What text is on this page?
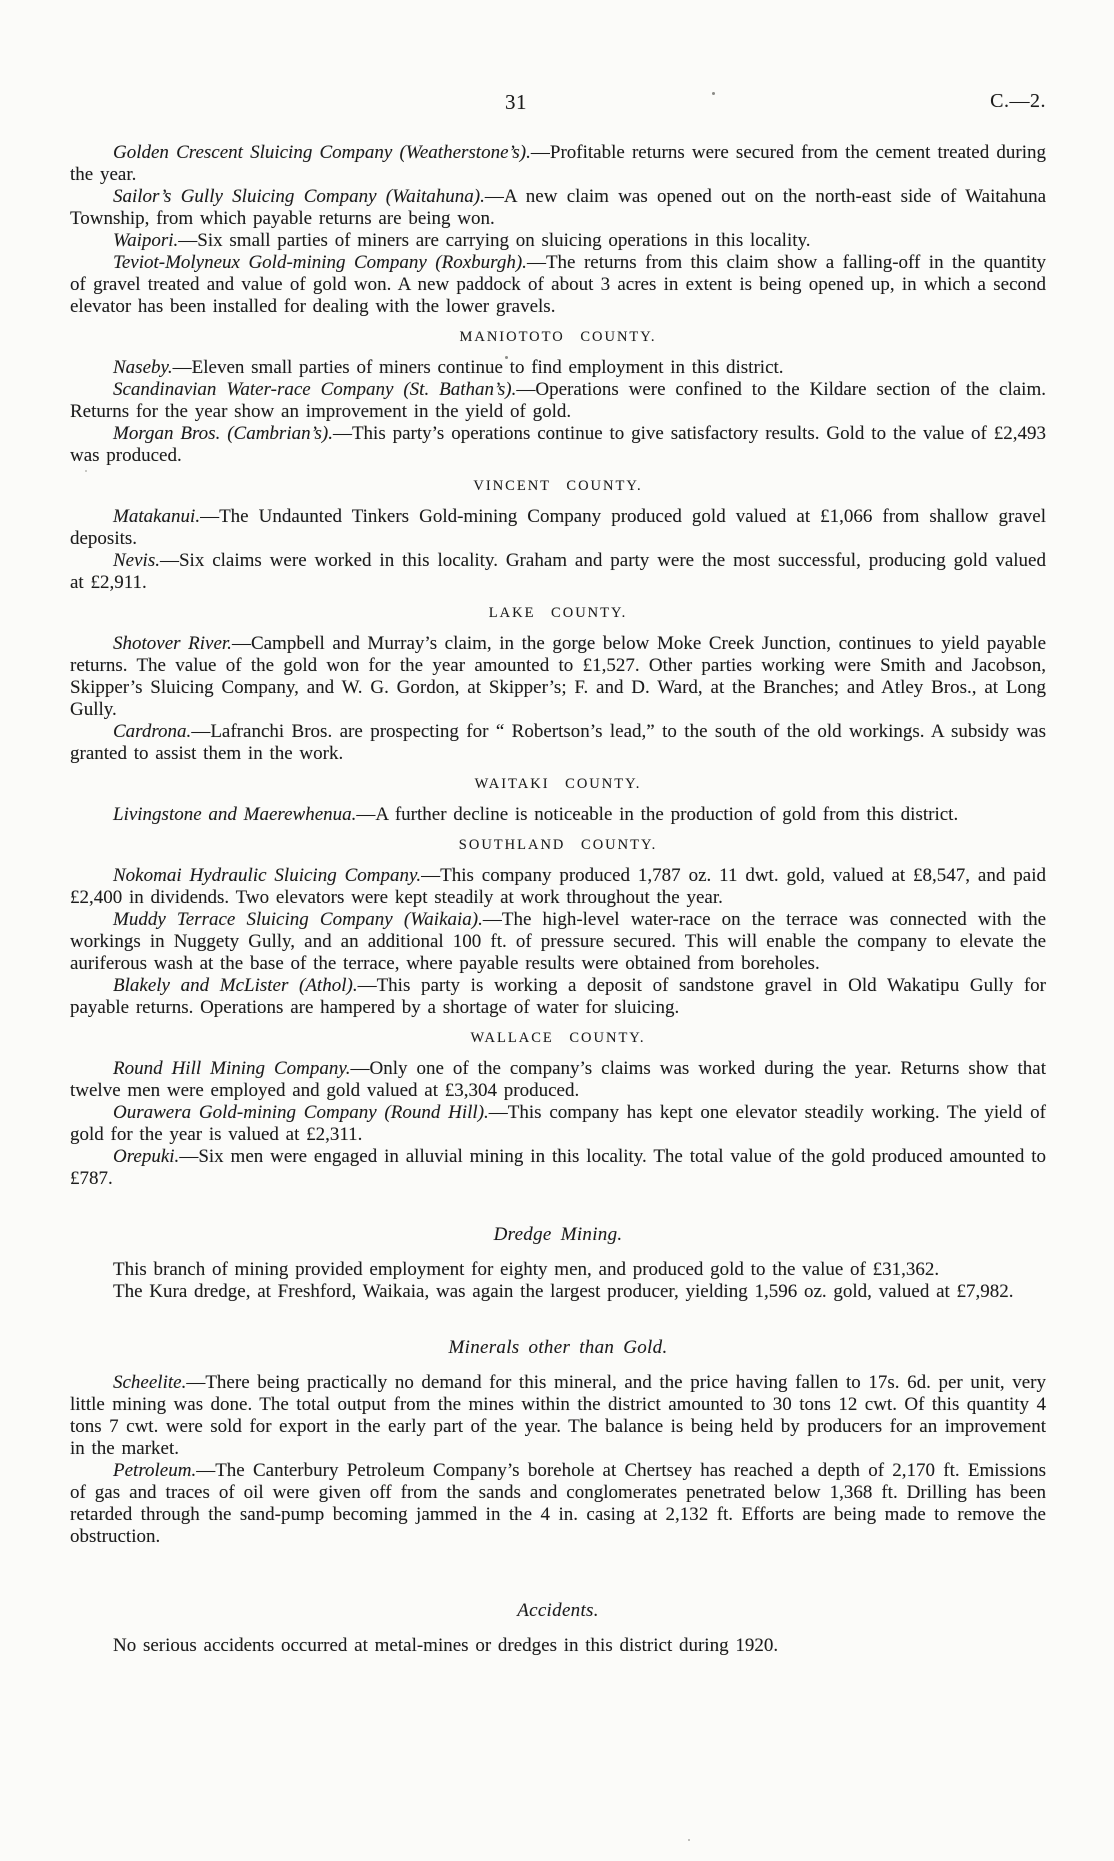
31	C.—2.

Golden Crescent Sluicing Company (Weatherstone’s).—Profitable returns were secured from the cement treated during the year.

Sailor’s Gully Sluicing Company (Waitahuna).—A new claim was opened out on the north-east side of Waitahuna Township, from which payable returns are being won.

Waipori.—Six small parties of miners are carrying on sluicing operations in this locality.

Teviot-Molyneux Gold-mining Company (Roxburgh).—The returns from this claim show a falling-off in the quantity of gravel treated and value of gold won. A new paddock of about 3 acres in extent is being opened up, in which a second elevator has been installed for dealing with the lower gravels.

MANIOTOTO COUNTY.

Naseby.—Eleven small parties of miners continue to find employment in this district.

Scandinavian Water-race Company (St. Bathan’s).—Operations were confined to the Kildare section of the claim. Returns for the year show an improvement in the yield of gold.

Morgan Bros. (Cambrian’s).—This party’s operations continue to give satisfactory results. Gold to the value of £2,493 was produced.

VINCENT COUNTY.

Matakanui.—The Undaunted Tinkers Gold-mining Company produced gold valued at £1,066 from shallow gravel deposits.

Nevis.—Six claims were worked in this locality. Graham and party were the most successful, producing gold valued at £2,911.

LAKE COUNTY.

Shotover River.—Campbell and Murray’s claim, in the gorge below Moke Creek Junction, continues to yield payable returns. The value of the gold won for the year amounted to £1,527. Other parties working were Smith and Jacobson, Skipper’s Sluicing Company, and W. G. Gordon, at Skipper’s; F. and D. Ward, at the Branches; and Atley Bros., at Long Gully.

Cardrona.—Lafranchi Bros. are prospecting for “ Robertson’s lead,” to the south of the old workings. A subsidy was granted to assist them in the work.

WAITAKI COUNTY.

Livingstone and Maerewhenua.—A further decline is noticeable in the production of gold from this district.

SOUTHLAND COUNTY.

Nokomai Hydraulic Sluicing Company.—This company produced 1,787 oz. 11 dwt. gold, valued at £8,547, and paid £2,400 in dividends. Two elevators were kept steadily at work throughout the year.

Muddy Terrace Sluicing Company (Waikaia).—The high-level water-race on the terrace was connected with the workings in Nuggety Gully, and an additional 100 ft. of pressure secured. This will enable the company to elevate the auriferous wash at the base of the terrace, where payable results were obtained from boreholes.

Blakely and McLister (Athol).—This party is working a deposit of sandstone gravel in Old Wakatipu Gully for payable returns. Operations are hampered by a shortage of water for sluicing.

WALLACE COUNTY.

Round Hill Mining Company.—Only one of the company’s claims was worked during the year. Returns show that twelve men were employed and gold valued at £3,304 produced.

Ourawera Gold-mining Company (Round Hill).—This company has kept one elevator steadily working. The yield of gold for the year is valued at £2,311.

Orepuki.—Six men were engaged in alluvial mining in this locality. The total value of the gold produced amounted to £787.

Dredge Mining.

This branch of mining provided employment for eighty men, and produced gold to the value of £31,362.

The Kura dredge, at Freshford, Waikaia, was again the largest producer, yielding 1,596 oz. gold, valued at £7,982.

Minerals other than Gold.

Scheelite.—There being practically no demand for this mineral, and the price having fallen to 17s. 6d. per unit, very little mining was done. The total output from the mines within the district amounted to 30 tons 12 cwt. Of this quantity 4 tons 7 cwt. were sold for export in the early part of the year. The balance is being held by producers for an improvement in the market.

Petroleum.—The Canterbury Petroleum Company’s borehole at Chertsey has reached a depth of 2,170 ft. Emissions of gas and traces of oil were given off from the sands and conglomerates penetrated below 1,368 ft. Drilling has been retarded through the sand-pump becoming jammed in the 4 in. casing at 2,132 ft. Efforts are being made to remove the obstruction.

Accidents.

No serious accidents occurred at metal-mines or dredges in this district during 1920.
